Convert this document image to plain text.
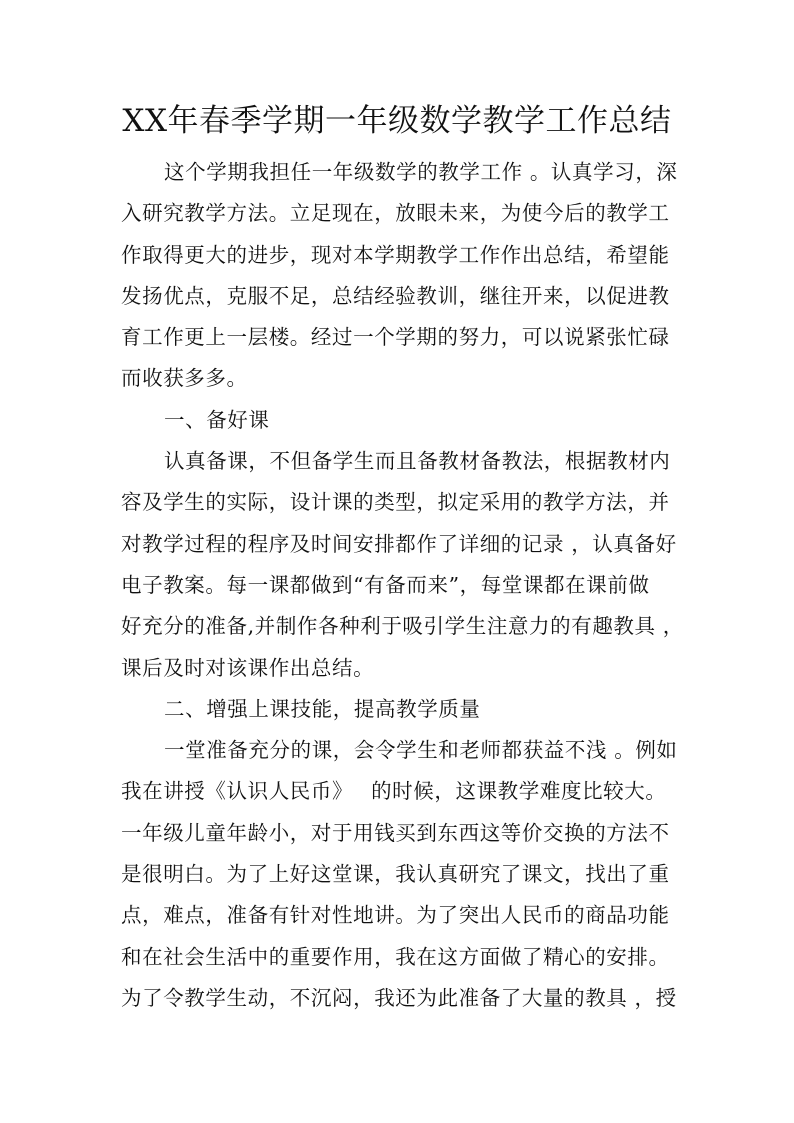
XX年春季学期一年级数学教学工作总结
这个学期我担任一年级数学的教学工作 。认真学习，深
入研究教学方法。立足现在，放眼未来，为使今后的教学工
作取得更大的进步，现对本学期教学工作作出总结，希望能
发扬优点，克服不足，总结经验教训，继往开来，以促进教
育工作更上一层楼。经过一个学期的努力，可以说紧张忙碌
而收获多多。
一、备好课
认真备课，不但备学生而且备教材备教法，根据教材内
容及学生的实际，设计课的类型，拟定采用的教学方法，并
对教学过程的程序及时间安排都作了详细的记录 ，认真备好
电子教案。每一课都做到“有备而来”，每堂课都在课前做
好充分的准备,并制作各种利于吸引学生注意力的有趣教具 ，
课后及时对该课作出总结。
二、增强上课技能，提高教学质量
一堂准备充分的课，会令学生和老师都获益不浅 。例如
我在讲授《认识人民币》　 的时候，这课教学难度比较大。
一年级儿童年龄小，对于用钱买到东西这等价交换的方法不
是很明白。为了上好这堂课，我认真研究了课文，找出了重
点，难点，准备有针对性地讲。为了突出人民币的商品功能
和在社会生活中的重要作用，我在这方面做了精心的安排。
为了令教学生动，不沉闷，我还为此准备了大量的教具 ，授
